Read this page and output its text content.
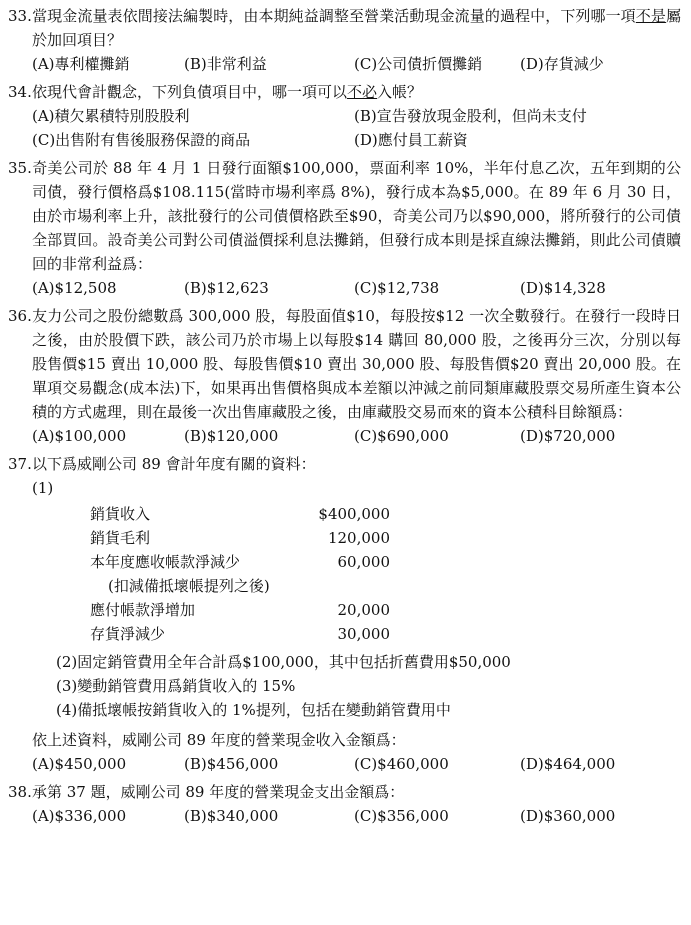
33.當現金流量表依間接法編製時，由本期純益調整至營業活動現金流量的過程中，下列哪一項不是屬於加回項目？
(A)專利權攤銷	(B)非常利益	(C)公司債折價攤銷	(D)存貨減少
34.依現代會計觀念，下列負債項目中，哪一項可以不必入帳？
(A)積欠累積特別股股利	(B)宣告發放現金股利，但尚未支付
(C)出售附有售後服務保證的商品	(D)應付員工薪資
35.奇美公司於 88 年 4 月 1 日發行面額$100,000，票面利率 10%，半年付息乙次，五年到期的公司債，發行價格爲$108.115(當時市場利率爲 8%)，發行成本為$5,000。在 89 年 6 月 30 日，由於市場利率上升，該批發行的公司債價格跌至$90，奇美公司乃以$90,000，將所發行的公司債全部買回。設奇美公司對公司債溢價採利息法攤銷，但發行成本則是採直線法攤銷，則此公司債贖回的非常利益爲：
(A)$12,508	(B)$12,623	(C)$12,738	(D)$14,328
36.友力公司之股份總數爲 300,000 股，每股面值$10，每股按$12 一次全數發行。在發行一段時日之後，由於股價下跌，該公司乃於市場上以每股$14 購回 80,000 股，之後再分三次，分別以每股售價$15 賣出 10,000 股、每股售價$10 賣出 30,000 股、每股售價$20 賣出 20,000 股。在單項交易觀念(成本法)下，如果再出售價格與成本差額以沖減之前同類庫藏股票交易所產生資本公積的方式處理，則在最後一次出售庫藏股之後，由庫藏股交易而來的資本公積科目餘額爲：
(A)$100,000	(B)$120,000	(C)$690,000	(D)$720,000
37.以下爲威剛公司 89 會計年度有關的資料：
(1)
銷貨收入	$400,000
銷貨毛利	120,000
本年度應收帳款淨減少	60,000
(扣減備抵壞帳提列之後)
應付帳款淨增加	20,000
存貨淨減少	30,000
(2)固定銷管費用全年合計爲$100,000，其中包括折舊費用$50,000
(3)變動銷管費用爲銷貨收入的 15%
(4)備抵壞帳按銷貨收入的 1%提列，包括在變動銷管費用中
依上述資料，威剛公司 89 年度的營業現金收入金額爲：
(A)$450,000	(B)$456,000	(C)$460,000	(D)$464,000
38.承第 37 題，威剛公司 89 年度的營業現金支出金額爲：
(A)$336,000	(B)$340,000	(C)$356,000	(D)$360,000
